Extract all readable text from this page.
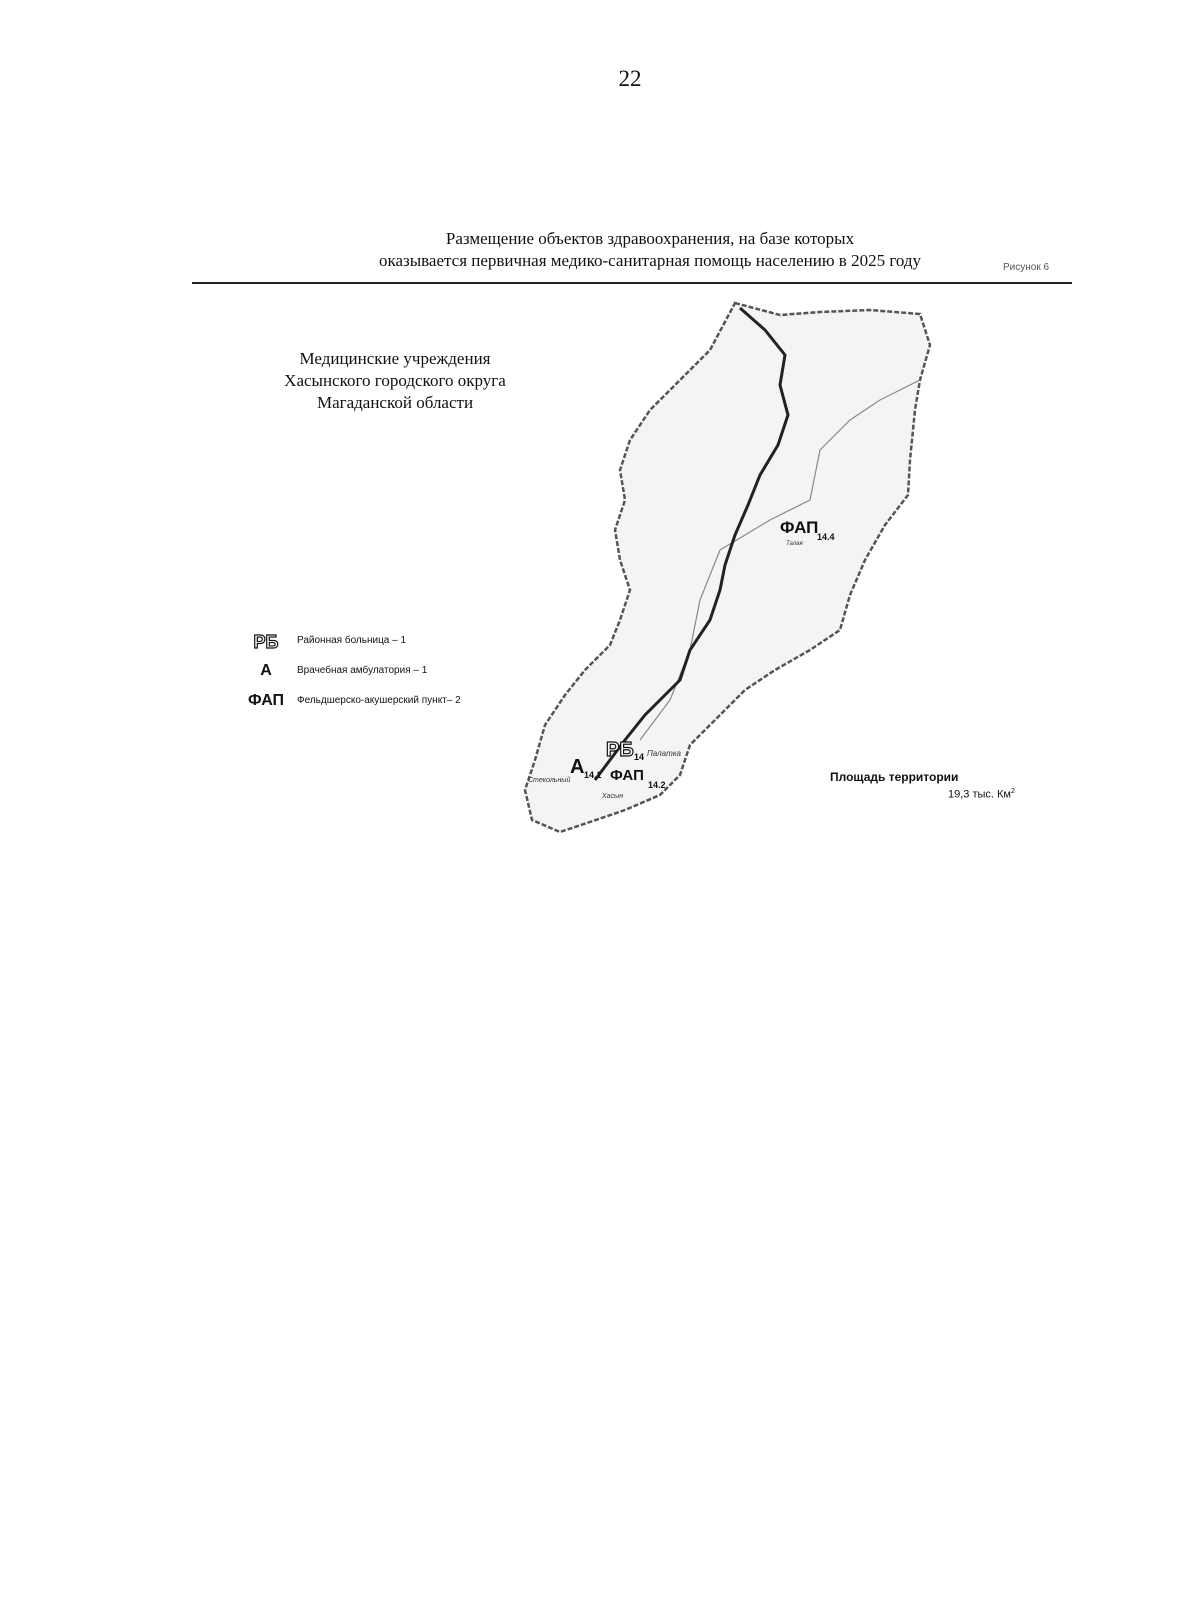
22
Размещение объектов здравоохранения, на базе которых
оказывается первичная медико-санитарная помощь населению в 2025 году	Рисунок 6
Медицинские учреждения
Хасынского городского округа
Магаданской области
РБ	Районная больница – 1
А	Врачебная амбулатория – 1
ФАП	Фельдшерско-акушерский пункт– 2
ФАП
14.4
Талая
РБ 14 Палатка
А 14.1
Стекольный	ФАП
14.2
Хасын
Площадь территории
19,3 тыс. $Км^2$
